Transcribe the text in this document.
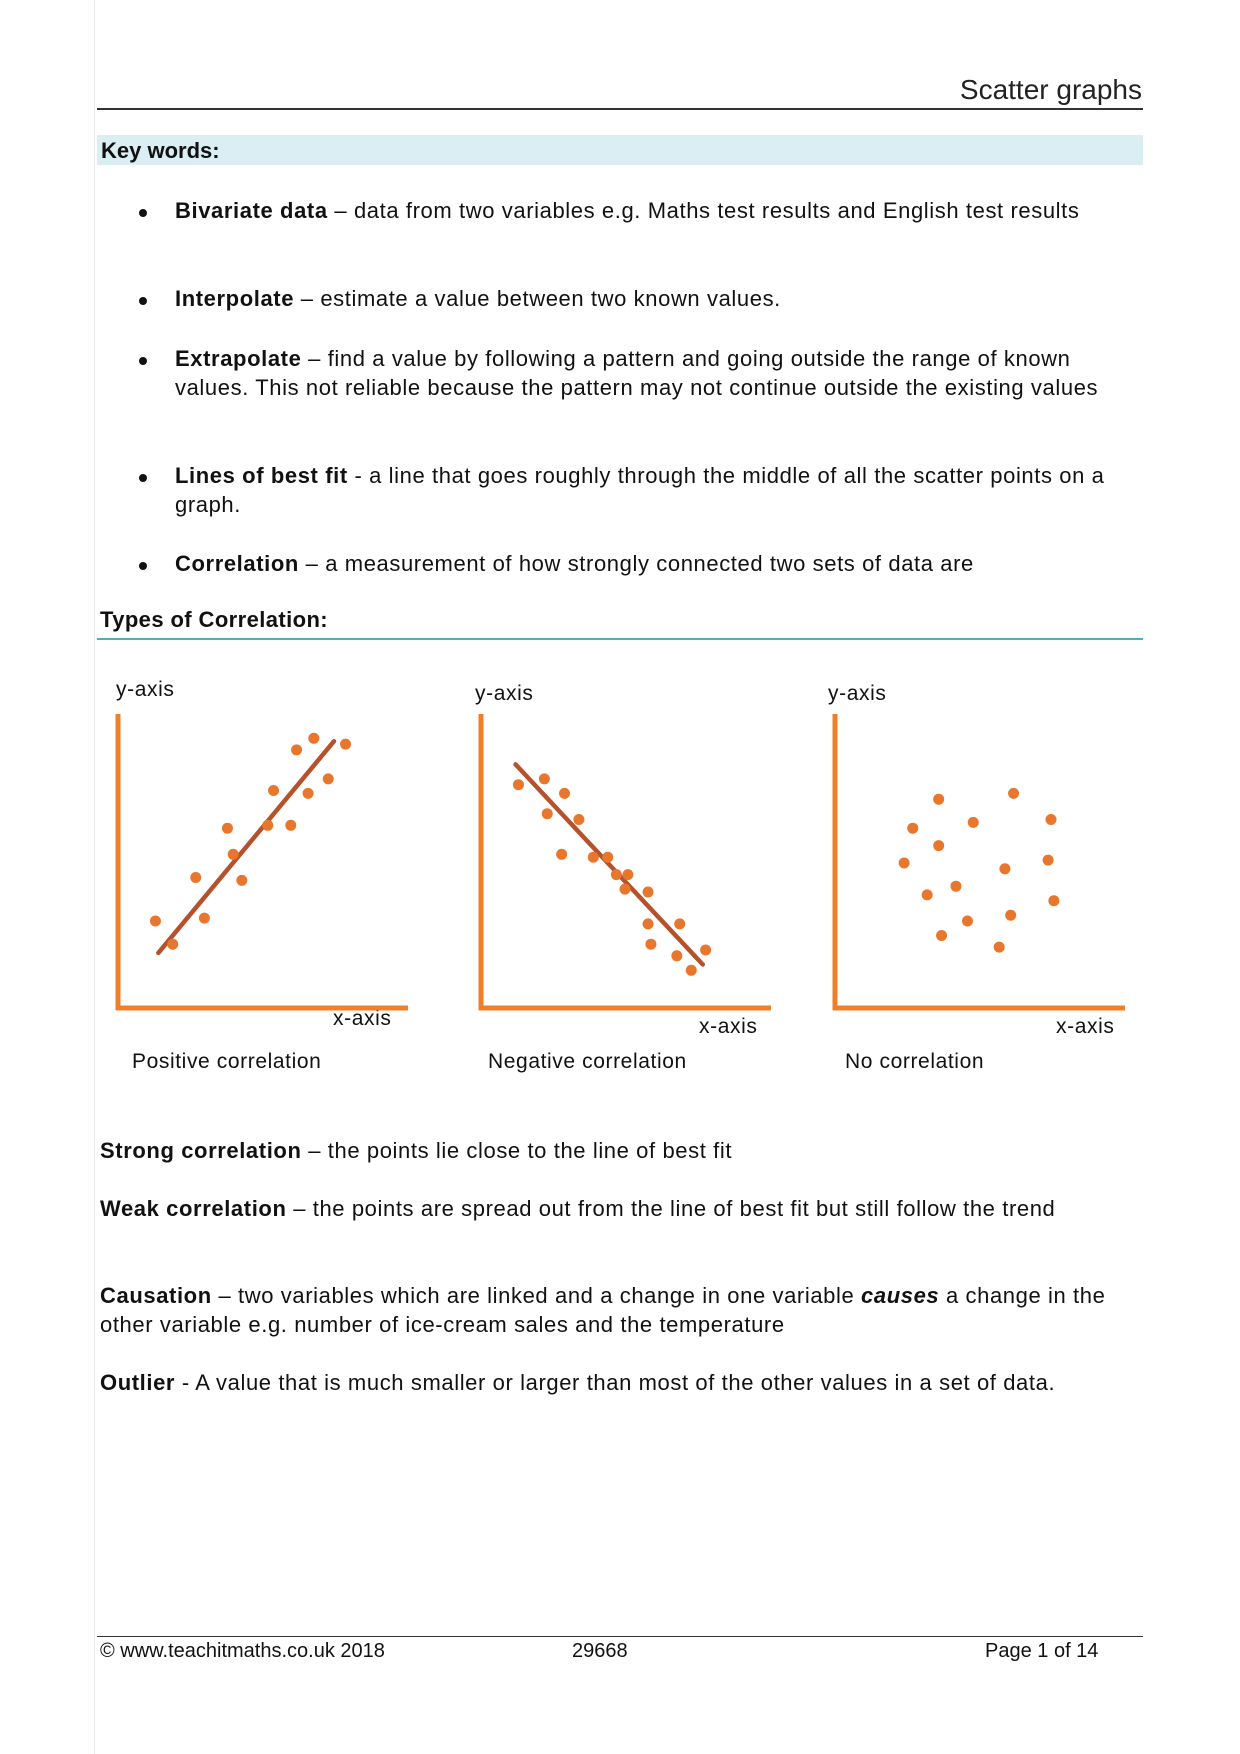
Scatter graphs
Key words:
Bivariate data – data from two variables e.g. Maths test results and English test results
Interpolate – estimate a value between two known values.
Extrapolate – find a value by following a pattern and going outside the range of known values. This not reliable because the pattern may not continue outside the existing values
Lines of best fit - a line that goes roughly through the middle of all the scatter points on a graph.
Correlation – a measurement of how strongly connected two sets of data are
Types of Correlation:
y-axis
x-axis
Positive correlation
y-axis
x-axis
Negative correlation
y-axis
x-axis
No correlation
Strong correlation – the points lie close to the line of best fit
Weak correlation – the points are spread out from the line of best fit but still follow the trend
Causation – two variables which are linked and a change in one variable causes a change in the other variable e.g. number of ice-cream sales and the temperature
Outlier - A value that is much smaller or larger than most of the other values in a set of data.
© www.teachitmaths.co.uk 2018	29668	Page 1 of 14
